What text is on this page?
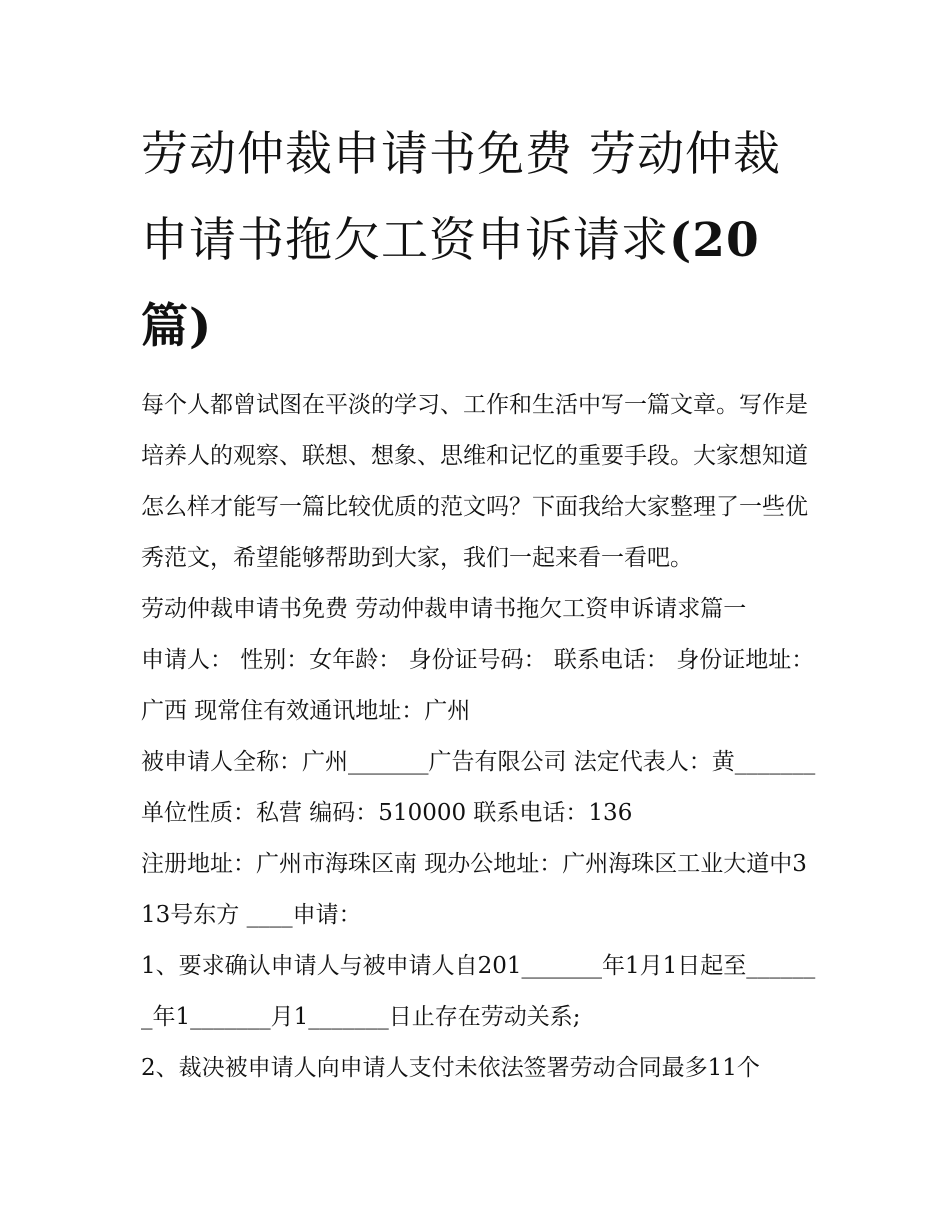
劳动仲裁申请书免费 劳动仲裁申请书拖欠工资申诉请求(20篇)

每个人都曾试图在平淡的学习、工作和生活中写一篇文章。写作是培养人的观察、联想、想象、思维和记忆的重要手段。大家想知道怎么样才能写一篇比较优质的范文吗？下面我给大家整理了一些优秀范文，希望能够帮助到大家，我们一起来看一看吧。

劳动仲裁申请书免费 劳动仲裁申请书拖欠工资申诉请求篇一

申请人： 性别：女年龄： 身份证号码： 联系电话： 身份证地址：广西 现常住有效通讯地址：广州

被申请人全称：广州_______广告有限公司 法定代表人：黄_______单位性质：私营 编码：510000 联系电话：136

注册地址：广州市海珠区南 现办公地址：广州海珠区工业大道中313号东方 ____申请：

1、要求确认申请人与被申请人自201_______年1月1日起至_______年1_______月1_______日止存在劳动关系;

2、裁决被申请人向申请人支付未依法签署劳动合同最多11个
